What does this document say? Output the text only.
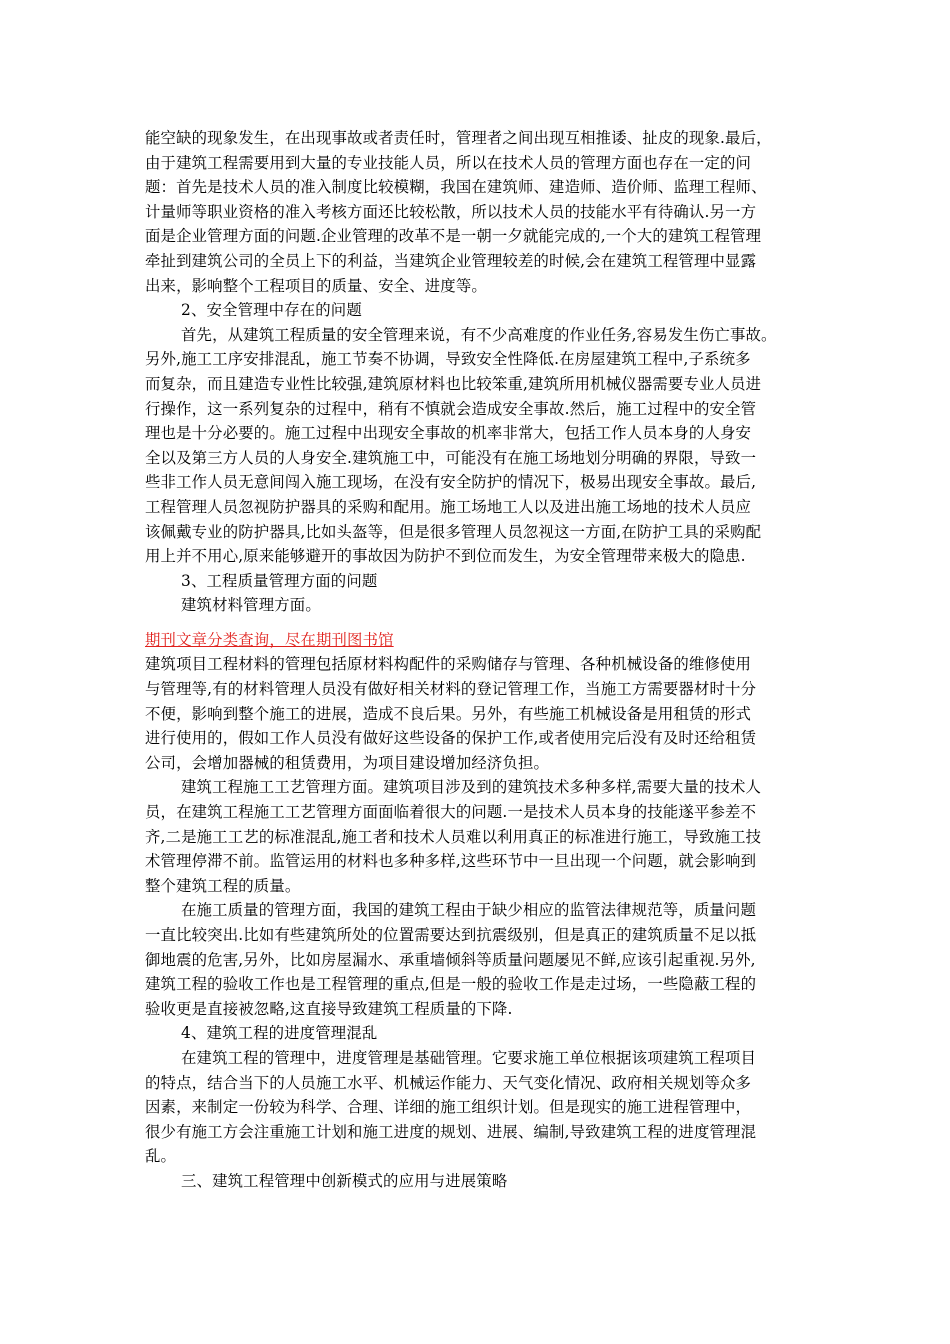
能空缺的现象发生，在出现事故或者责任时，管理者之间出现互相推诿、扯皮的现象.最后，
由于建筑工程需要用到大量的专业技能人员，所以在技术人员的管理方面也存在一定的问
题：首先是技术人员的准入制度比较模糊，我国在建筑师、建造师、造价师、监理工程师、
计量师等职业资格的准入考核方面还比较松散，所以技术人员的技能水平有待确认.另一方
面是企业管理方面的问题.企业管理的改革不是一朝一夕就能完成的,一个大的建筑工程管理
牵扯到建筑公司的全员上下的利益，当建筑企业管理较差的时候,会在建筑工程管理中显露
出来，影响整个工程项目的质量、安全、进度等。
2、安全管理中存在的问题
首先，从建筑工程质量的安全管理来说，有不少高难度的作业任务,容易发生伤亡事故。
另外,施工工序安排混乱，施工节奏不协调，导致安全性降低.在房屋建筑工程中,子系统多
而复杂，而且建造专业性比较强,建筑原材料也比较笨重,建筑所用机械仪器需要专业人员进
行操作，这一系列复杂的过程中，稍有不慎就会造成安全事故.然后，施工过程中的安全管
理也是十分必要的。施工过程中出现安全事故的机率非常大，包括工作人员本身的人身安
全以及第三方人员的人身安全.建筑施工中，可能没有在施工场地划分明确的界限，导致一
些非工作人员无意间闯入施工现场，在没有安全防护的情况下，极易出现安全事故。最后,
工程管理人员忽视防护器具的采购和配用。施工场地工人以及进出施工场地的技术人员应
该佩戴专业的防护器具,比如头盔等，但是很多管理人员忽视这一方面,在防护工具的采购配
用上并不用心,原来能够避开的事故因为防护不到位而发生，为安全管理带来极大的隐患.
3、工程质量管理方面的问题
建筑材料管理方面。
期刊文章分类查询，尽在期刊图书馆
建筑项目工程材料的管理包括原材料构配件的采购储存与管理、各种机械设备的维修使用
与管理等,有的材料管理人员没有做好相关材料的登记管理工作，当施工方需要器材时十分
不便，影响到整个施工的进展，造成不良后果。另外，有些施工机械设备是用租赁的形式
进行使用的，假如工作人员没有做好这些设备的保护工作,或者使用完后没有及时还给租赁
公司，会增加器械的租赁费用，为项目建设增加经济负担。
建筑工程施工工艺管理方面。建筑项目涉及到的建筑技术多种多样,需要大量的技术人
员，在建筑工程施工工艺管理方面面临着很大的问题.一是技术人员本身的技能遂平参差不
齐,二是施工工艺的标准混乱,施工者和技术人员难以利用真正的标准进行施工，导致施工技
术管理停滞不前。监管运用的材料也多种多样,这些环节中一旦出现一个问题，就会影响到
整个建筑工程的质量。
在施工质量的管理方面，我国的建筑工程由于缺少相应的监管法律规范等，质量问题
一直比较突出.比如有些建筑所处的位置需要达到抗震级别，但是真正的建筑质量不足以抵
御地震的危害,另外，比如房屋漏水、承重墙倾斜等质量问题屡见不鲜,应该引起重视.另外,
建筑工程的验收工作也是工程管理的重点,但是一般的验收工作是走过场，一些隐蔽工程的
验收更是直接被忽略,这直接导致建筑工程质量的下降.
4、建筑工程的进度管理混乱
在建筑工程的管理中，进度管理是基础管理。它要求施工单位根据该项建筑工程项目
的特点，结合当下的人员施工水平、机械运作能力、天气变化情况、政府相关规划等众多
因素，来制定一份较为科学、合理、详细的施工组织计划。但是现实的施工进程管理中，
很少有施工方会注重施工计划和施工进度的规划、进展、编制,导致建筑工程的进度管理混
乱。
三、建筑工程管理中创新模式的应用与进展策略
